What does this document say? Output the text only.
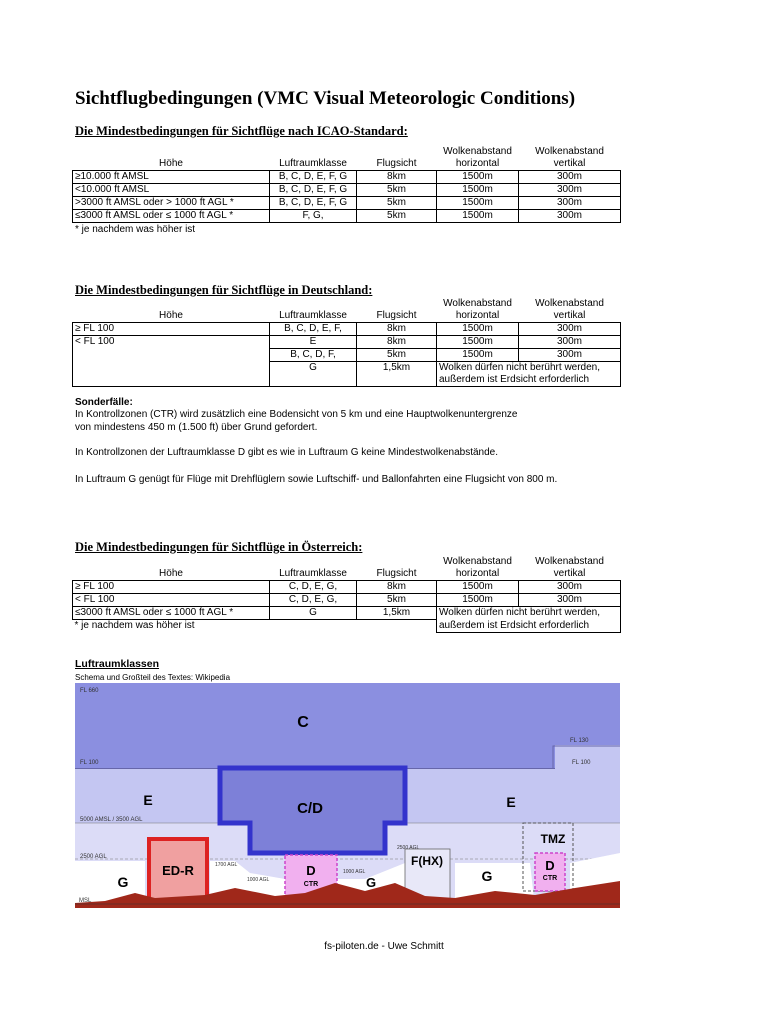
Sichtflugbedingungen (VMC Visual Meteorologic Conditions)
Die Mindestbedingungen für Sichtflüge nach ICAO-Standard:
			Wolkenabstand	Wolkenabstand
Höhe	Luftraumklasse	Flugsicht	horizontal	vertikal
≥10.000 ft AMSL	B, C, D, E, F, G	8km	1500m	300m
<10.000 ft AMSL	B, C, D, E, F, G	5km	1500m	300m
>3000 ft AMSL oder > 1000 ft AGL *	B, C, D, E, F, G	5km	1500m	300m
≤3000 ft AMSL oder ≤ 1000 ft AGL *	F, G,	5km	1500m	300m
* je nachdem was höher ist
Die Mindestbedingungen für Sichtflüge in Deutschland:
			Wolkenabstand	Wolkenabstand
Höhe	Luftraumklasse	Flugsicht	horizontal	vertikal
≥ FL 100	B, C, D, E, F,	8km	1500m	300m
< FL 100	E	8km	1500m	300m
	B, C, D, F,	5km	1500m	300m
	G	1,5km	Wolken dürfen nicht berührt werden,	
			außerdem ist Erdsicht erforderlich	
Sonderfälle:
In Kontrollzonen (CTR) wird zusätzlich eine Bodensicht von 5 km und eine Hauptwolkenuntergrenze
von mindestens 450 m (1.500 ft) über Grund gefordert.
In Kontrollzonen der Luftraumklasse D gibt es wie in Luftraum G keine Mindestwolkenabstände.
In Luftraum G genügt für Flüge mit Drehflüglern sowie Luftschiff- und Ballonfahrten eine Flugsicht von 800 m.
Die Mindestbedingungen für Sichtflüge in Österreich:
			Wolkenabstand	Wolkenabstand
Höhe	Luftraumklasse	Flugsicht	horizontal	vertikal
≥ FL 100	C, D, E, G,	8km	1500m	300m
< FL 100	C, D, E, G,	5km	1500m	300m
≤3000 ft AMSL oder ≤ 1000 ft AGL *	G	1,5km	Wolken dürfen nicht berührt werden,	
* je nachdem was höher ist			außerdem ist Erdsicht erforderlich	
Luftraumklassen
Schema und Großteil des Textes: Wikipedia
FL 660
FL 130
FL 100	FL 100
5000 AMSL / 3500 AGL
2500 AGL
2500 AGL
1700 AGL
1000 AGL
1000 AGL
MSL
C
C/D
E	E
TMZ
D
CTR
D
CTR
F(HX)
G	G	G
ED-R
fs-piloten.de - Uwe Schmitt
